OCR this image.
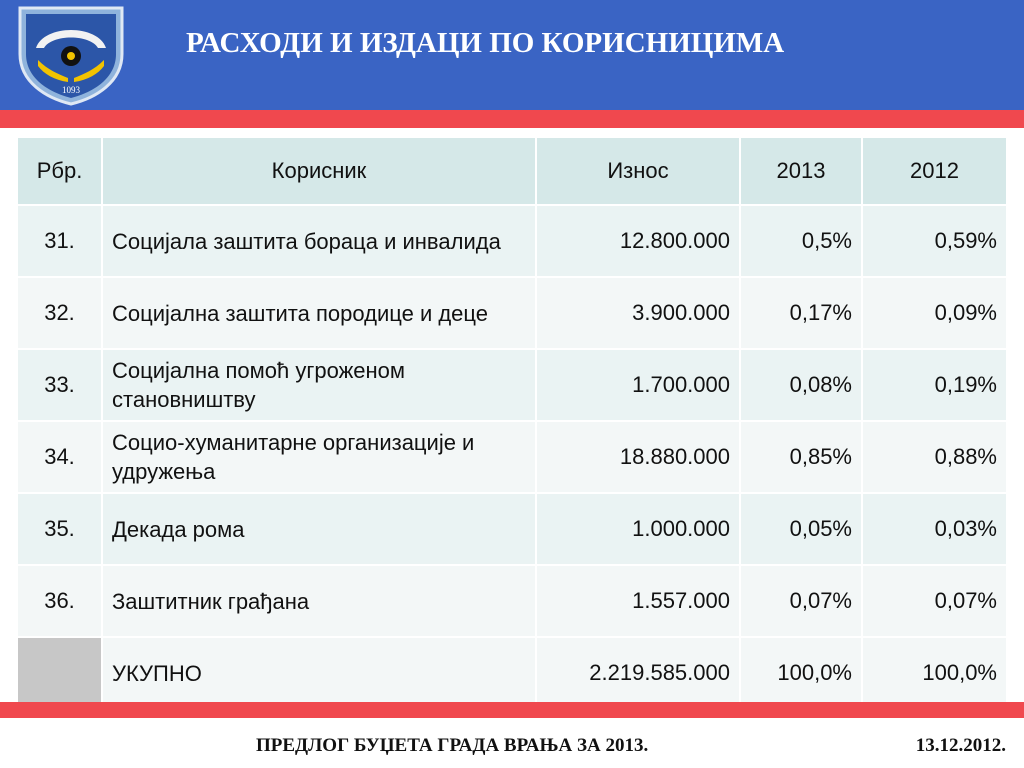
1093
РАСХОДИ И ИЗДАЦИ ПО КОРИСНИЦИМА
Рбр.	Корисник	Износ	2013	2012
31.	Социјала заштита бораца и инвалида	12.800.000	0,5%	0,59%
32.	Социјална заштита породице и деце	3.900.000	0,17%	0,09%
33.	Социјална помоћ угроженом становништву	1.700.000	0,08%	0,19%
34.	Социо-хуманитарне организације и удружења	18.880.000	0,85%	0,88%
35.	Декада рома	1.000.000	0,05%	0,03%
36.	Заштитник грађана	1.557.000	0,07%	0,07%
	УКУПНО	2.219.585.000	100,0%	100,0%
ПРЕДЛОГ БУЏЕТА ГРАДА ВРАЊА ЗА 2013.	13.12.2012.
